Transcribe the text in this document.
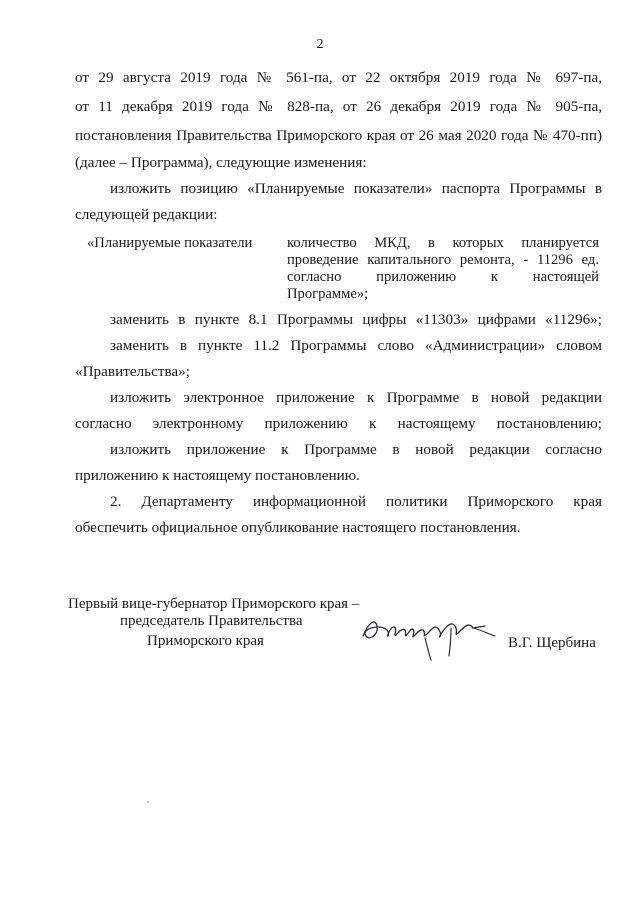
2
от 29 августа 2019 года № 561-па, от 22 октября 2019 года № 697-па,
от 11 декабря 2019 года № 828-па, от 26 декабря 2019 года № 905-па,
постановления Правительства Приморского края от 26 мая 2020 года № 470-пп)
(далее – Программа), следующие изменения:
изложить позицию «Планируемые показатели» паспорта Программы в
следующей редакции:
«Планируемые показатели количество МКД, в которых планируется
проведение капитального ремонта, - 11296 ед.
согласно приложению к настоящей
Программе»;
заменить в пункте 8.1 Программы цифры «11303» цифрами «11296»;
заменить в пункте 11.2 Программы слово «Администрации» словом
«Правительства»;
изложить электронное приложение к Программе в новой редакции
согласно электронному приложению к настоящему постановлению;
изложить приложение к Программе в новой редакции согласно
приложению к настоящему постановлению.
2. Департаменту информационной политики Приморского края
обеспечить официальное опубликование настоящего постановления.
Первый вице-губернатор Приморского края –
председатель Правительства
Приморского края	В.Г. Щербина
